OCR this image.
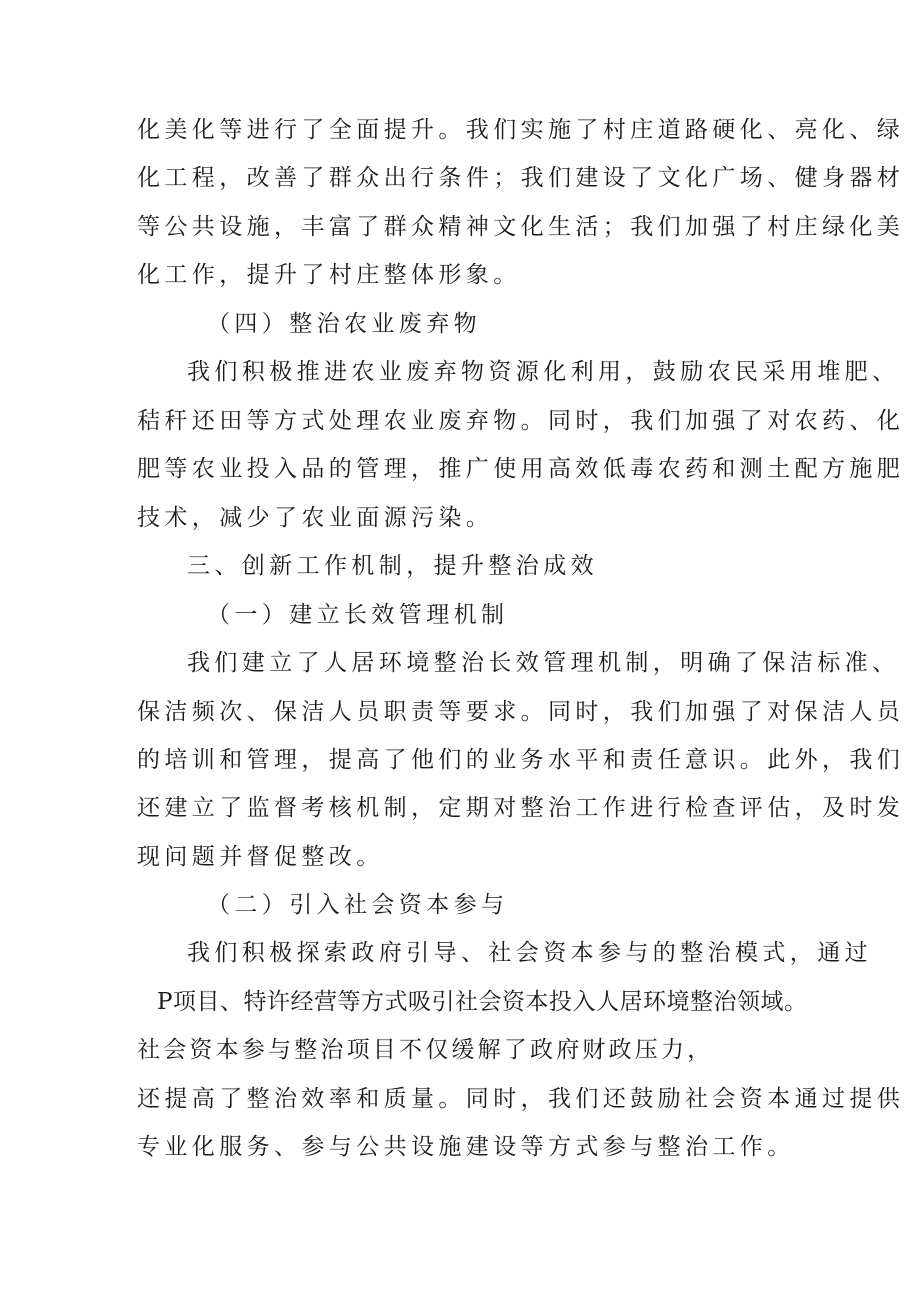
化美化等进行了全面提升。我们实施了村庄道路硬化、亮化、绿
化工程，改善了群众出行条件；我们建设了文化广场、健身器材
等公共设施，丰富了群众精神文化生活；我们加强了村庄绿化美
化工作，提升了村庄整体形象。
（四）整治农业废弃物
我们积极推进农业废弃物资源化利用，鼓励农民采用堆肥、
秸秆还田等方式处理农业废弃物。同时，我们加强了对农药、化
肥等农业投入品的管理，推广使用高效低毒农药和测土配方施肥
技术，减少了农业面源污染。
三、创新工作机制，提升整治成效
（一）建立长效管理机制
我们建立了人居环境整治长效管理机制，明确了保洁标准、
保洁频次、保洁人员职责等要求。同时，我们加强了对保洁人员
的培训和管理，提高了他们的业务水平和责任意识。此外，我们
还建立了监督考核机制，定期对整治工作进行检查评估，及时发
现问题并督促整改。
（二）引入社会资本参与
我们积极探索政府引导、社会资本参与的整治模式，通过
P项目、特许经营等方式吸引社会资本投入人居环境整治领域。
社会资本参与整治项目不仅缓解了政府财政压力，
还提高了整治效率和质量。同时，我们还鼓励社会资本通过提供
专业化服务、参与公共设施建设等方式参与整治工作。
